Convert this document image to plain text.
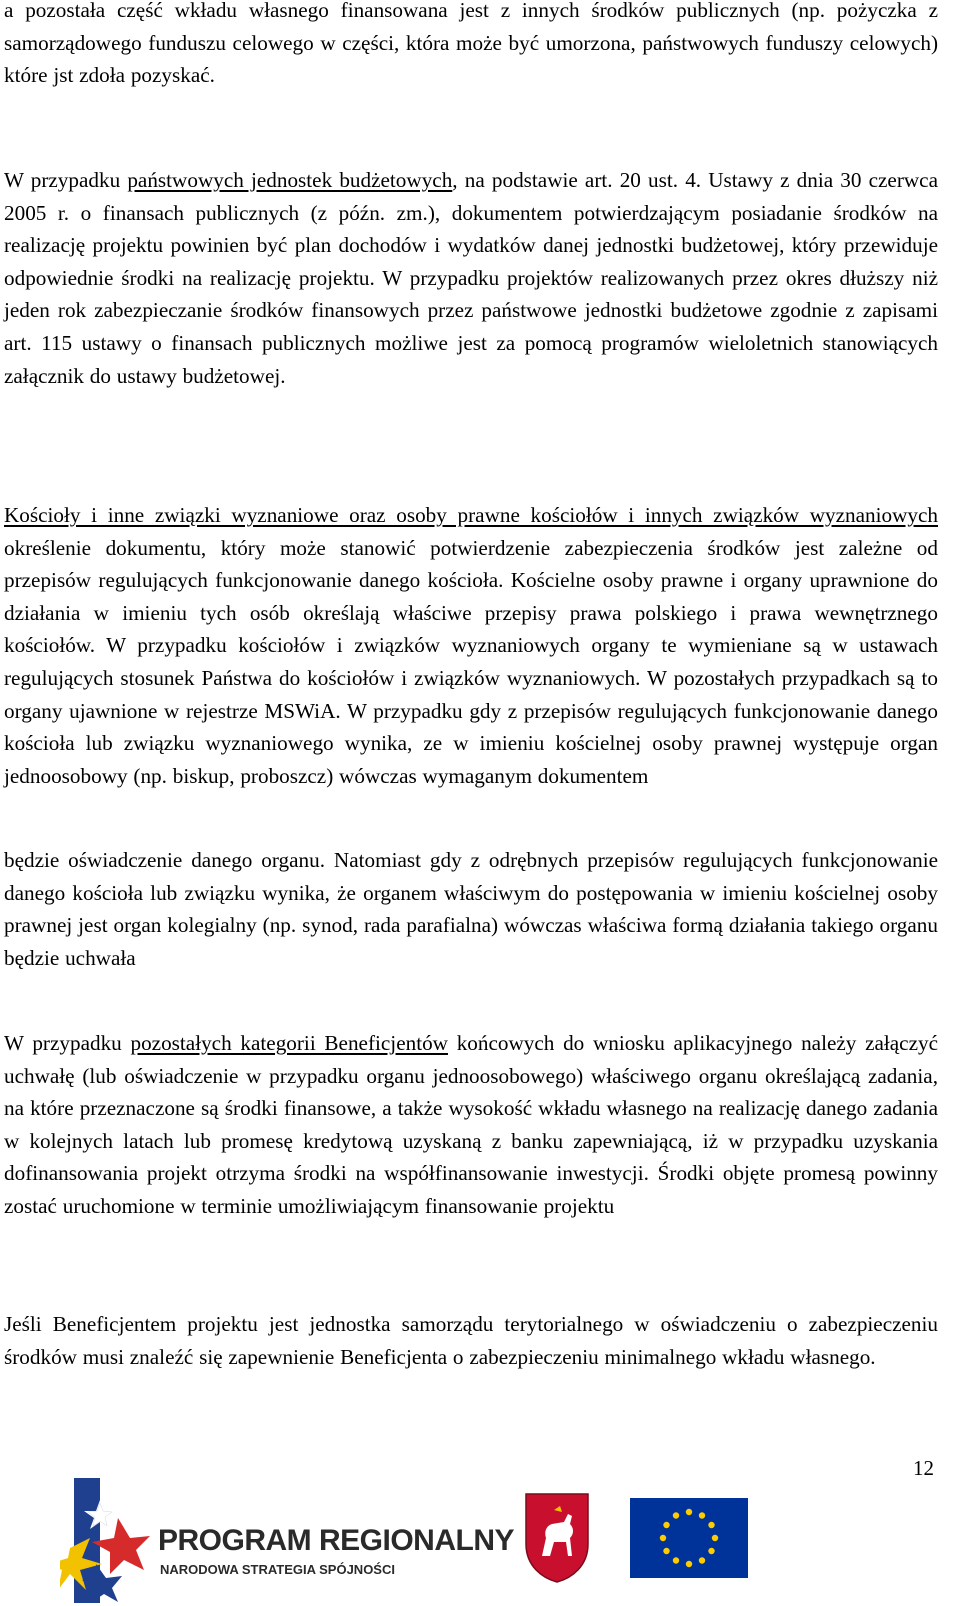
a pozostała część wkładu własnego finansowana jest z innych środków publicznych (np. pożyczka z samorządowego funduszu celowego w części, która może być umorzona, państwowych funduszy celowych) które jst zdoła pozyskać.

W przypadku państwowych jednostek budżetowych, na podstawie art. 20 ust. 4. Ustawy z dnia 30 czerwca 2005 r. o finansach publicznych (z późn. zm.), dokumentem potwierdzającym posiadanie środków na realizację projektu powinien być plan dochodów i wydatków danej jednostki budżetowej, który przewiduje odpowiednie środki na realizację projektu. W przypadku projektów realizowanych przez okres dłuższy niż jeden rok zabezpieczanie środków finansowych przez państwowe jednostki budżetowe zgodnie z zapisami art. 115 ustawy o finansach publicznych możliwe jest za pomocą programów wieloletnich stanowiących załącznik do ustawy budżetowej.

Kościoły i inne związki wyznaniowe oraz osoby prawne kościołów i innych związków wyznaniowych określenie dokumentu, który może stanowić potwierdzenie zabezpieczenia środków jest zależne od przepisów regulujących funkcjonowanie danego kościoła. Kościelne osoby prawne i organy uprawnione do działania w imieniu tych osób określają właściwe przepisy prawa polskiego i prawa wewnętrznego kościołów. W przypadku kościołów i związków wyznaniowych organy te wymieniane są w ustawach regulujących stosunek Państwa do kościołów i związków wyznaniowych. W pozostałych przypadkach są to organy ujawnione w rejestrze MSWiA. W przypadku gdy z przepisów regulujących funkcjonowanie danego kościoła lub związku wyznaniowego wynika, ze w imieniu kościelnej osoby prawnej występuje organ jednoosobowy (np. biskup, proboszcz) wówczas wymaganym dokumentem

będzie oświadczenie danego organu. Natomiast gdy z odrębnych przepisów regulujących funkcjonowanie danego kościoła lub związku wynika, że organem właściwym do postępowania w imieniu kościelnej osoby prawnej jest organ kolegialny (np. synod, rada parafialna) wówczas właściwa formą działania takiego organu będzie uchwała

W przypadku pozostałych kategorii Beneficjentów końcowych do wniosku aplikacyjnego należy załączyć uchwałę (lub oświadczenie w przypadku organu jednoosobowego) właściwego organu określającą zadania, na które przeznaczone są środki finansowe, a także wysokość wkładu własnego na realizację danego zadania w kolejnych latach lub promesę kredytową uzyskaną z banku zapewniającą, iż w przypadku uzyskania dofinansowania projekt otrzyma środki na współfinansowanie inwestycji. Środki objęte promesą powinny zostać uruchomione w terminie umożliwiającym finansowanie projektu

Jeśli Beneficjentem projektu jest jednostka samorządu terytorialnego w oświadczeniu o zabezpieczeniu środków musi znaleźć się zapewnienie Beneficjenta o zabezpieczeniu minimalnego wkładu własnego.

12
PROGRAM REGIONALNY
NARODOWA STRATEGIA SPÓJNOŚCI
